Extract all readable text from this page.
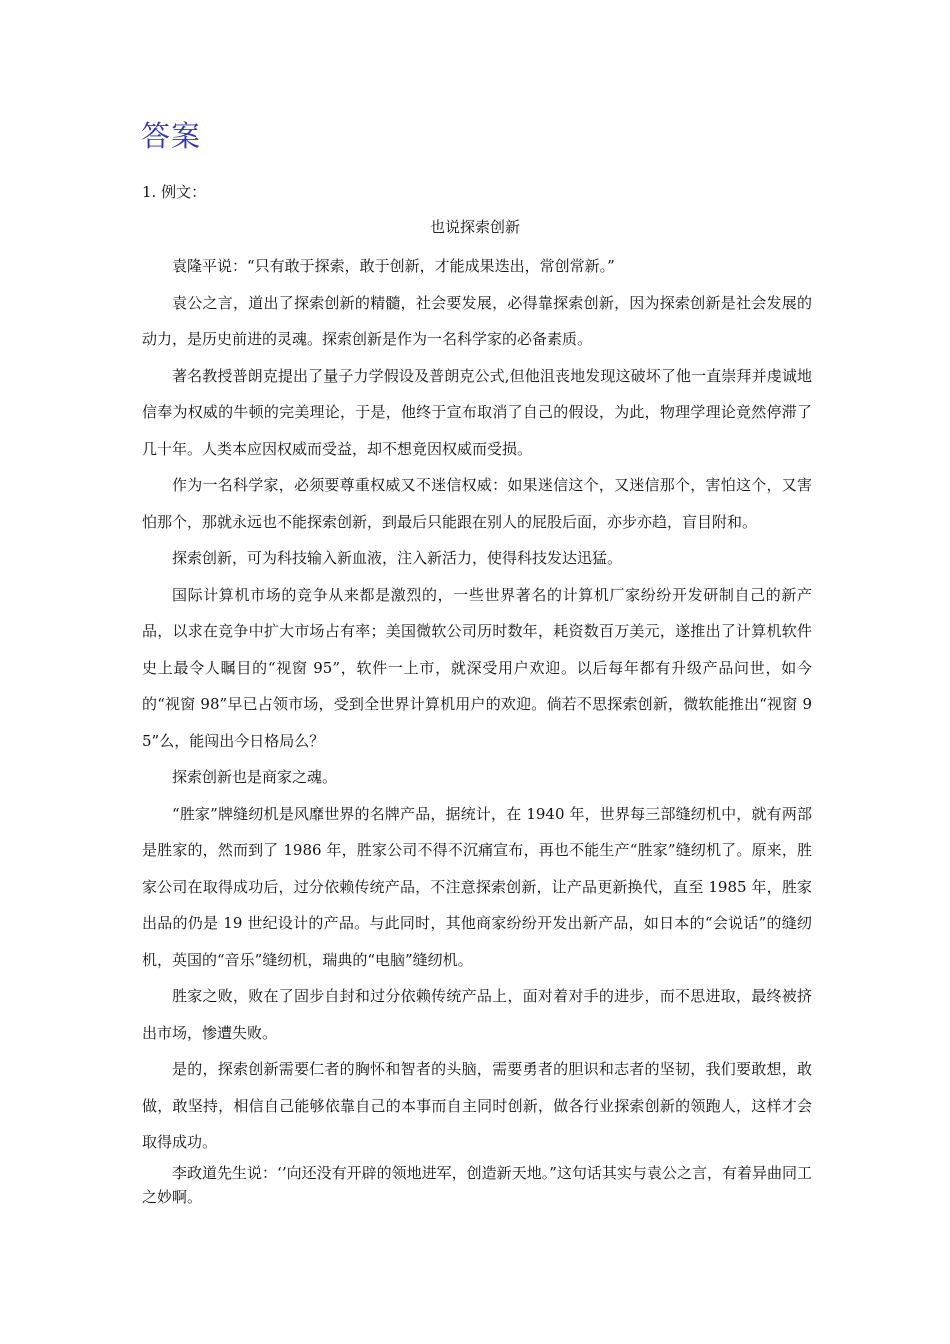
答案
1. 例文：
也说探索创新

袁隆平说：“只有敢于探索，敢于创新，才能成果迭出，常创常新。”

袁公之言，道出了探索创新的精髓，社会要发展，必得靠探索创新，因为探索创新是社会发展的动力，是历史前进的灵魂。探索创新是作为一名科学家的必备素质。

著名教授普朗克提出了量子力学假设及普朗克公式,但他沮丧地发现这破坏了他一直崇拜并虔诚地信奉为权威的牛顿的完美理论，于是，他终于宣布取消了自己的假设，为此，物理学理论竟然停滞了几十年。人类本应因权威而受益，却不想竟因权威而受损。

作为一名科学家，必须要尊重权威又不迷信权威：如果迷信这个，又迷信那个，害怕这个，又害怕那个，那就永远也不能探索创新，到最后只能跟在别人的屁股后面，亦步亦趋，盲目附和。

探索创新，可为科技输入新血液，注入新活力，使得科技发达迅猛。

国际计算机市场的竞争从来都是激烈的，一些世界著名的计算机厂家纷纷开发研制自己的新产品，以求在竞争中扩大市场占有率；美国微软公司历时数年，耗资数百万美元，遂推出了计算机软件史上最令人瞩目的“视窗 95”，软件一上市，就深受用户欢迎。以后每年都有升级产品问世，如今的“视窗 98”早已占领市场，受到全世界计算机用户的欢迎。倘若不思探索创新，微软能推出“视窗 95”么，能闯出今日格局么？

探索创新也是商家之魂。

“胜家”牌缝纫机是风靡世界的名牌产品，据统计，在 1940 年，世界每三部缝纫机中，就有两部是胜家的，然而到了 1986 年，胜家公司不得不沉痛宣布，再也不能生产“胜家”缝纫机了。原来，胜家公司在取得成功后，过分依赖传统产品，不注意探索创新，让产品更新换代，直至 1985 年，胜家出品的仍是 19 世纪设计的产品。与此同时，其他商家纷纷开发出新产品，如日本的“会说话”的缝纫机，英国的“音乐”缝纫机，瑞典的“电脑”缝纫机。

胜家之败，败在了固步自封和过分依赖传统产品上，面对着对手的进步，而不思进取，最终被挤出市场，惨遭失败。

是的，探索创新需要仁者的胸怀和智者的头脑，需要勇者的胆识和志者的坚韧，我们要敢想，敢做，敢坚持，相信自己能够依靠自己的本事而自主同时创新，做各行业探索创新的领跑人，这样才会取得成功。

李政道先生说：‘’向还没有开辟的领地进军，创造新天地。”这句话其实与袁公之言，有着异曲同工之妙啊。
